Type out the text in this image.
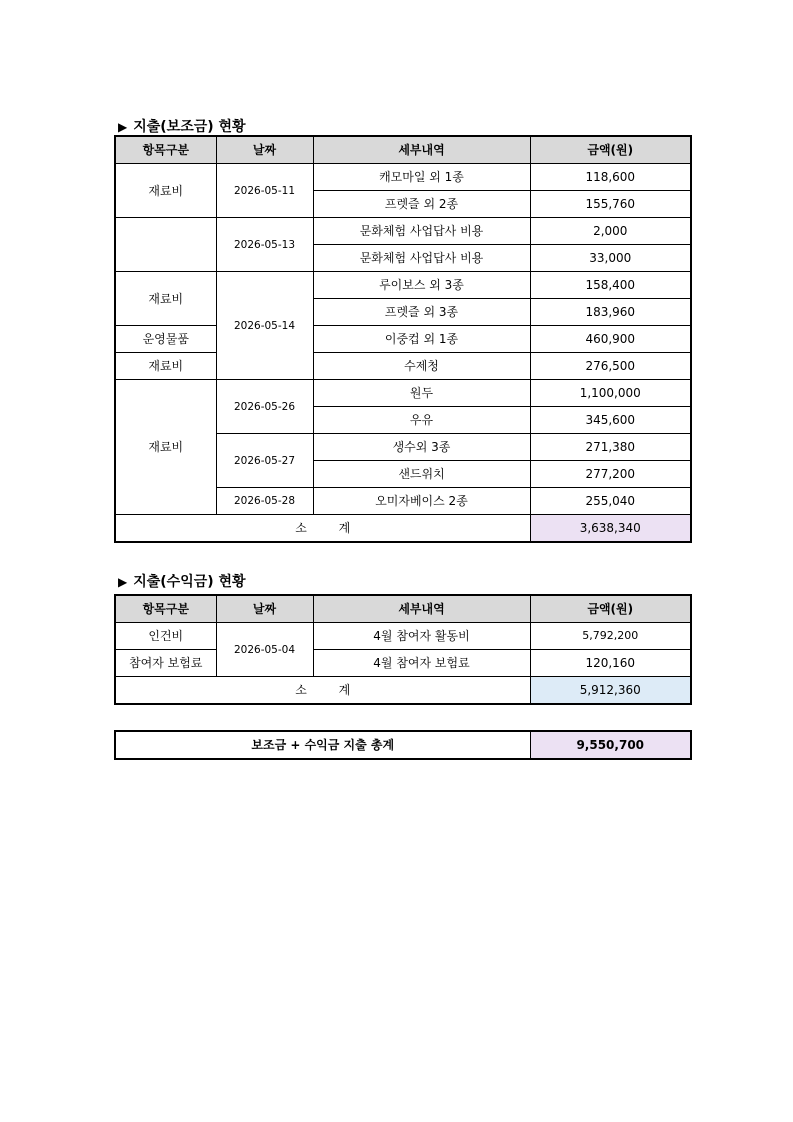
▶ 지출(보조금) 현황
항목구분	날짜	세부내역	금액(원)
재료비	2026-05-11	캐모마일 외 1종	118,600
		프렛즐 외 2종	155,760
	2026-05-13	문화체험 사업답사 비용	2,000
		문화체험 사업답사 비용	33,000
재료비	2026-05-14	루이보스 외 3종	158,400
		프렛즐 외 3종	183,960
운영물품		이중컵 외 1종	460,900
재료비		수제청	276,500
재료비	2026-05-26	원두	1,100,000
		우유	345,600
	2026-05-27	생수외 3종	271,380
		샌드위치	277,200
	2026-05-28	오미자베이스 2종	255,040
소 계			3,638,340
▶ 지출(수익금) 현황
항목구분	날짜	세부내역	금액(원)
인건비	2026-05-04	4월 참여자 활동비	5,792,200
참여자 보험료		4월 참여자 보험료	120,160
소 계			5,912,360
보조금 + 수익금 지출 총계	9,550,700
